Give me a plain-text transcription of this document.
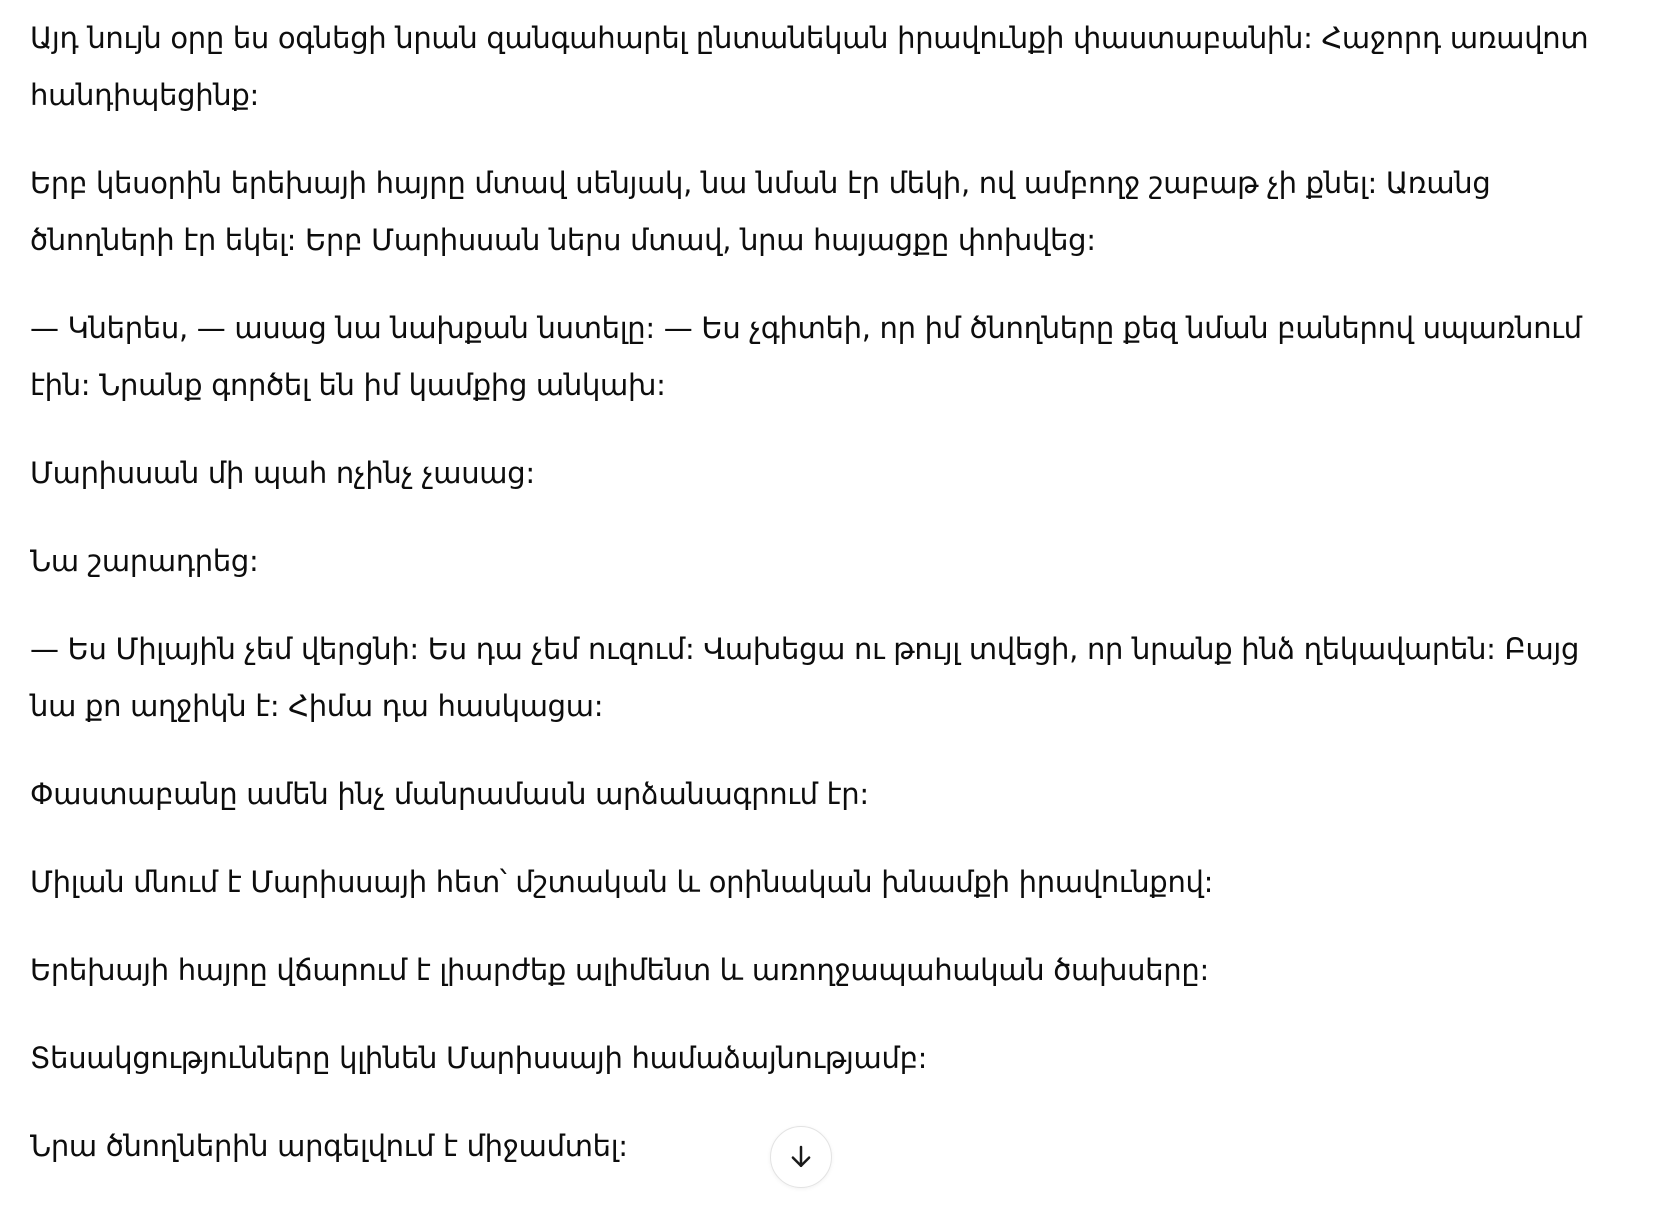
Այդ նույն օրը ես օգնեցի նրան զանգահարել ընտանեկան իրավունքի փաստաբանին: Հաջորդ առավոտ հանդիպեցինք:

Երբ կեսօրին երեխայի հայրը մտավ սենյակ, նա նման էր մեկի, ով ամբողջ շաբաթ չի քնել: Առանց ծնողների էր եկել: Երբ Մարիսսան ներս մտավ, նրա հայացքը փոխվեց:

— Կներես, — ասաց նա նախքան նստելը: — Ես չգիտեի, որ իմ ծնողները քեզ նման բաներով սպառնում էին: Նրանք գործել են իմ կամքից անկախ:

Մարիսսան մի պահ ոչինչ չասաց:

Նա շարադրեց:

— Ես Միլային չեմ վերցնի: Ես դա չեմ ուզում: Վախեցա ու թույլ տվեցի, որ նրանք ինձ ղեկավարեն: Բայց նա քո աղջիկն է: Հիմա դա հասկացա:

Փաստաբանը ամեն ինչ մանրամասն արձանագրում էր:

Միլան մնում է Մարիսսայի հետ՝ մշտական և օրինական խնամքի իրավունքով:

Երեխայի հայրը վճարում է լիարժեք ալիմենտ և առողջապահական ծախսերը:

Տեսակցությունները կլինեն Մարիսսայի համաձայնությամբ:

Նրա ծնողներին արգելվում է միջամտել:
